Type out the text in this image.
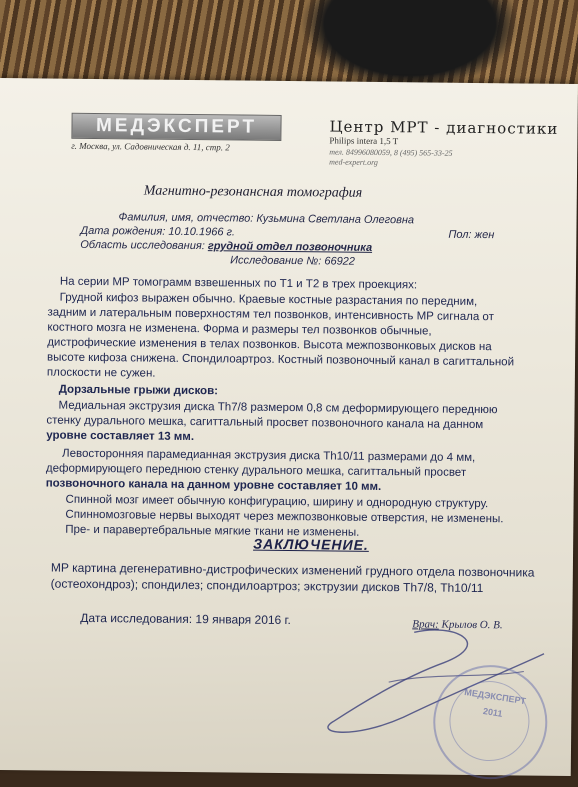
МЕДЭКСПЕРТ
г. Москва, ул. Садовническая д. 11, стр. 2
Центр МРТ - диагностики
Philips intera 1,5 T
тел. 84996080059, 8 (495) 565-33-25
med-expert.org
Магнитно-резонансная томография
Фамилия, имя, отчество: Кузьмина Светлана Олеговна
Дата рождения: 10.10.1966 г.	Пол: жен
Область исследования: грудной отдел позвоночника
Исследование №: 66922
На серии МР томограмм взвешенных по T1 и T2 в трех проекциях:
Грудной кифоз выражен обычно. Краевые костные разрастания по передним,
задним и латеральным поверхностям тел позвонков, интенсивность МР сигнала от
костного мозга не изменена. Форма и размеры тел позвонков обычные,
дистрофические изменения в телах позвонков. Высота межпозвонковых дисков на
высоте кифоза снижена. Спондилоартроз. Костный позвоночный канал в сагиттальной
плоскости не сужен.
Дорзальные грыжи дисков:
Медиальная экструзия диска Th7/8 размером 0,8 см деформирующего переднюю
стенку дурального мешка, сагиттальный просвет позвоночного канала на данном
уровне составляет 13 мм.
Левосторонняя парамедианная экструзия диска Th10/11 размерами до 4 мм,
деформирующего переднюю стенку дурального мешка, сагиттальный просвет
позвоночного канала на данном уровне составляет 10 мм.
Спинной мозг имеет обычную конфигурацию, ширину и однородную структуру.
Спинномозговые нервы выходят через межпозвонковые отверстия, не изменены.
Пре- и паравертебральные мягкие ткани не изменены.
ЗАКЛЮЧЕНИЕ.
МР картина дегенеративно-дистрофических изменений грудного отдела позвоночника
(остеохондроз); спондилез; спондилоартроз; экструзии дисков Th7/8, Th10/11
Дата исследования: 19 января 2016 г.	Врач: Крылов О. В.
МЕДЭКСПЕРТ
2011
